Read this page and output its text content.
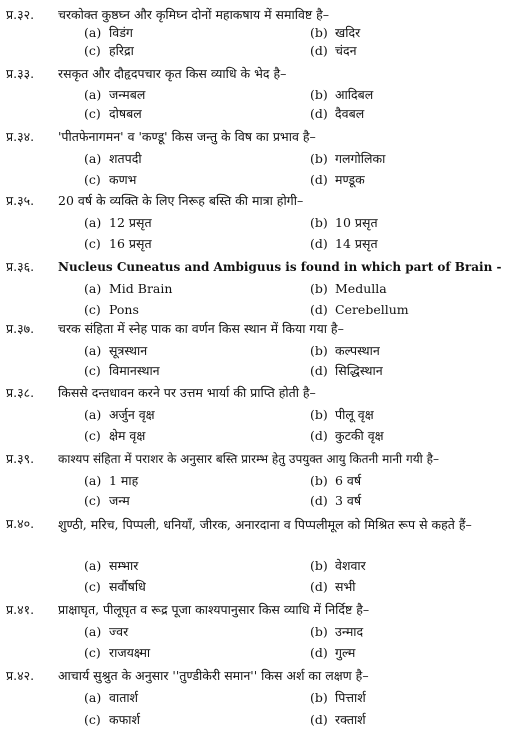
प्र.३२. चरकोक्त कुष्ठघ्न और कृमिघ्न दोनों महाकषाय में समाविष्ट है–
(a) विडंग	(b) खदिर
(c) हरिद्रा	(d) चंदन
प्र.३३. रसकृत और दौहृदपचार कृत किस व्याधि के भेद है–
(a) जन्मबल	(b) आदिबल
(c) दोषबल	(d) दैवबल
प्र.३४. 'पीतफेनागमन' व 'कण्डू' किस जन्तु के विष का प्रभाव है–
(a) शतपदी	(b) गलगोलिका
(c) कणभ	(d) मण्डूक
प्र.३५. 20 वर्ष के व्यक्ति के लिए निरूह बस्ति की मात्रा होगी–
(a) 12 प्रसृत	(b) 10 प्रसृत
(c) 16 प्रसृत	(d) 14 प्रसृत
प्र.३६. Nucleus Cuneatus and Ambiguus is found in which part of Brain -
(a) Mid Brain	(b) Medulla
(c) Pons	(d) Cerebellum
प्र.३७. चरक संहिता में स्नेह पाक का वर्णन किस स्थान में किया गया है–
(a) सूत्रस्थान	(b) कल्पस्थान
(c) विमानस्थान	(d) सिद्धिस्थान
प्र.३८. किससे दन्तधावन करने पर उत्तम भार्या की प्राप्ति होती है–
(a) अर्जुन वृक्ष	(b) पीलू वृक्ष
(c) क्षेम वृक्ष	(d) कुटकी वृक्ष
प्र.३९. काश्यप संहिता में पराशर के अनुसार बस्ति प्रारम्भ हेतु उपयुक्त आयु कितनी मानी गयी है–
(a) 1 माह	(b) 6 वर्ष
(c) जन्म	(d) 3 वर्ष
प्र.४०. शुण्ठी, मरिच, पिप्पली, धनियाँ, जीरक, अनारदाना व पिप्पलीमूल को मिश्रित रूप से कहते हैं–
(a) सम्भार	(b) वेशवार
(c) सर्वौषधि	(d) सभी
प्र.४१. प्राक्षाघृत, पीलूघृत व रूद्र पूजा काश्यपानुसार किस व्याधि में निर्दिष्ट है–
(a) ज्वर	(b) उन्माद
(c) राजयक्ष्मा	(d) गुल्म
प्र.४२. आचार्य सुश्रुत के अनुसार ''तुण्डीकेरी समान'' किस अर्श का लक्षण है–
(a) वातार्श	(b) पित्तार्श
(c) कफार्श	(d) रक्तार्श
